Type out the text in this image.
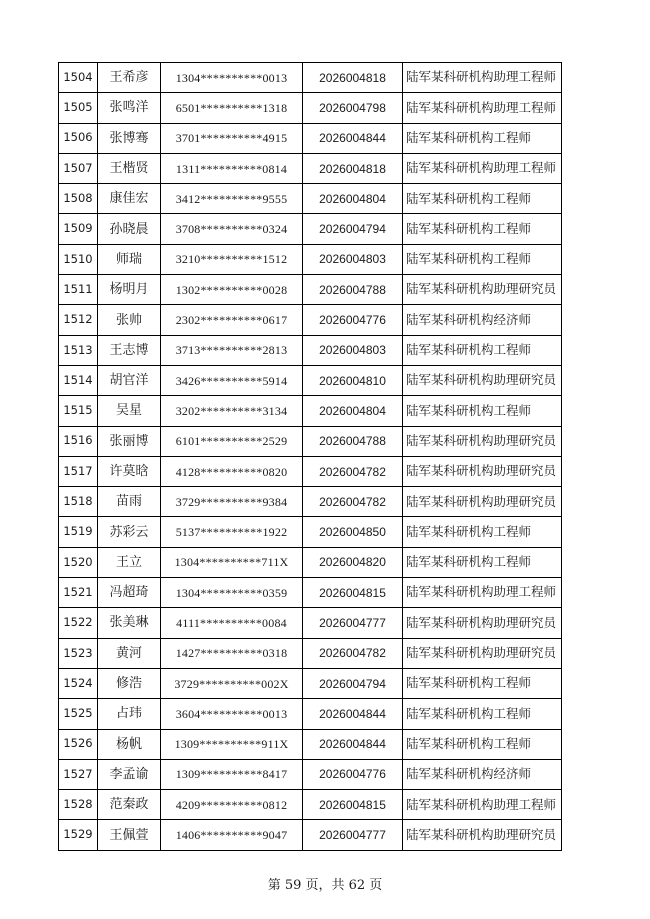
1504	王希彦	1304**********0013	2026004818	陆军某科研机构助理工程师
1505	张鸣洋	6501**********1318	2026004798	陆军某科研机构助理工程师
1506	张博骞	3701**********4915	2026004844	陆军某科研机构工程师
1507	王楷贤	1311**********0814	2026004818	陆军某科研机构助理工程师
1508	康佳宏	3412**********9555	2026004804	陆军某科研机构工程师
1509	孙晓晨	3708**********0324	2026004794	陆军某科研机构工程师
1510	师瑞	3210**********1512	2026004803	陆军某科研机构工程师
1511	杨明月	1302**********0028	2026004788	陆军某科研机构助理研究员
1512	张帅	2302**********0617	2026004776	陆军某科研机构经济师
1513	王志博	3713**********2813	2026004803	陆军某科研机构工程师
1514	胡官洋	3426**********5914	2026004810	陆军某科研机构助理研究员
1515	吴星	3202**********3134	2026004804	陆军某科研机构工程师
1516	张丽博	6101**********2529	2026004788	陆军某科研机构助理研究员
1517	许莫晗	4128**********0820	2026004782	陆军某科研机构助理研究员
1518	苗雨	3729**********9384	2026004782	陆军某科研机构助理研究员
1519	苏彩云	5137**********1922	2026004850	陆军某科研机构工程师
1520	王立	1304**********711X	2026004820	陆军某科研机构工程师
1521	冯超琦	1304**********0359	2026004815	陆军某科研机构助理工程师
1522	张美琳	4111**********0084	2026004777	陆军某科研机构助理研究员
1523	黄河	1427**********0318	2026004782	陆军某科研机构助理研究员
1524	修浩	3729**********002X	2026004794	陆军某科研机构工程师
1525	占玮	3604**********0013	2026004844	陆军某科研机构工程师
1526	杨帆	1309**********911X	2026004844	陆军某科研机构工程师
1527	李孟谕	1309**********8417	2026004776	陆军某科研机构经济师
1528	范秦政	4209**********0812	2026004815	陆军某科研机构助理工程师
1529	王佩萱	1406**********9047	2026004777	陆军某科研机构助理研究员
第 59 页，共 62 页
